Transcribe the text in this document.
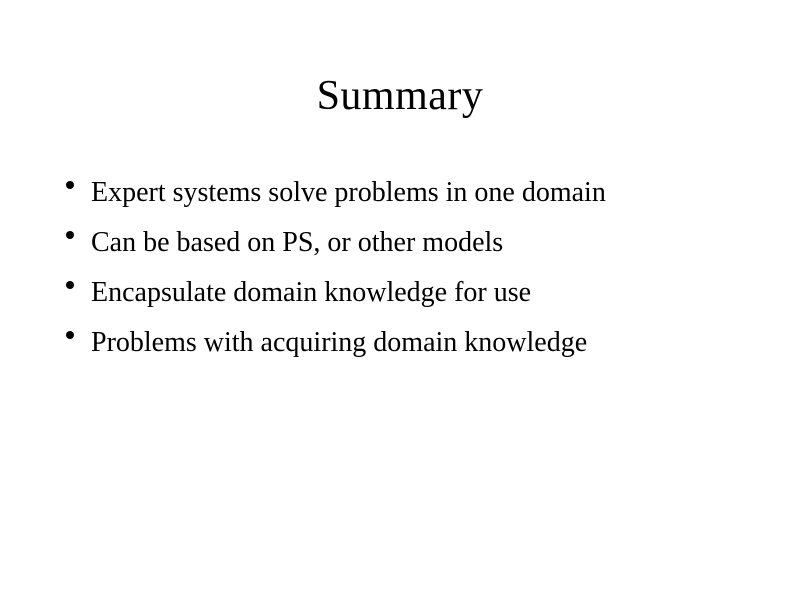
Summary
Expert systems solve problems in one domain
Can be based on PS, or other models
Encapsulate domain knowledge for use
Problems with acquiring domain knowledge
